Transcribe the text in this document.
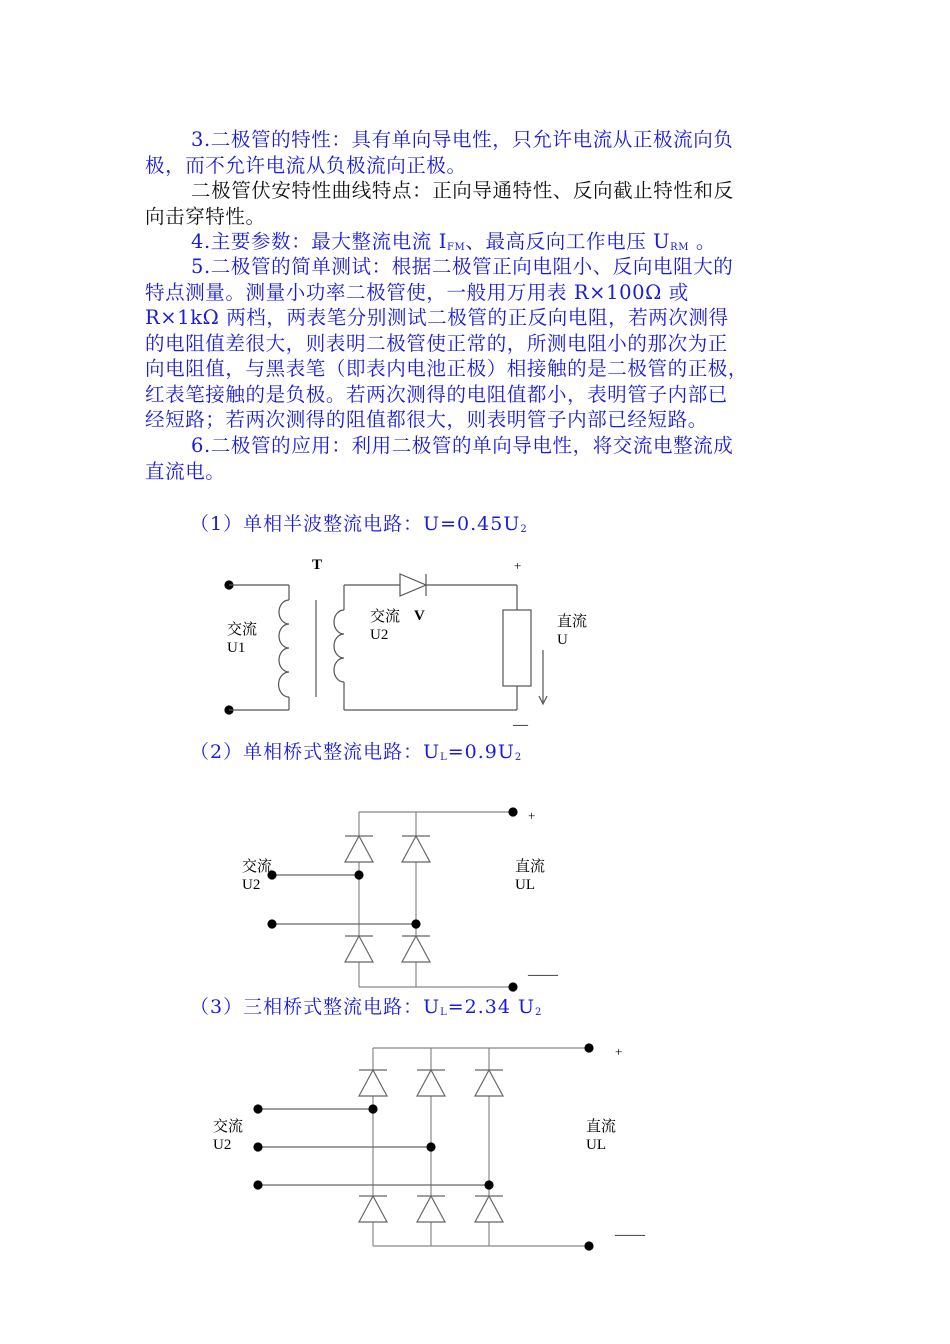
3.二极管的特性：具有单向导电性，只允许电流从正极流向负
极，而不允许电流从负极流向正极。
二极管伏安特性曲线特点：正向导通特性、反向截止特性和反
向击穿特性。
4.主要参数：最大整流电流 $I_{FM}$、最高反向工作电压 $U_{RM}$ 。
5.二极管的简单测试：根据二极管正向电阻小、反向电阻大的
特点测量。测量小功率二极管使，一般用万用表 R×100Ω 或
R×1kΩ 两档，两表笔分别测试二极管的正反向电阻，若两次测得
的电阻值差很大，则表明二极管使正常的，所测电阻小的那次为正
向电阻值，与黑表笔（即表内电池正极）相接触的是二极管的正极，
红表笔接触的是负极。若两次测得的电阻值都小，表明管子内部已
经短路；若两次测得的阻值都很大，则表明管子内部已经短路。
6.二极管的应用：利用二极管的单向导电性，将交流电整流成
直流电。
（1）单相半波整流电路：$U=0.45U_2$
（2）单相桥式整流电路：$U_L=0.9U_2$
（3）三相桥式整流电路：$U_L=2.34$ $U_2$
T
交流
U1
交流
U2
V
+
直流
U
—
交流
U2
直流
UL
+
——
交流
U2
直流
UL
+
——
